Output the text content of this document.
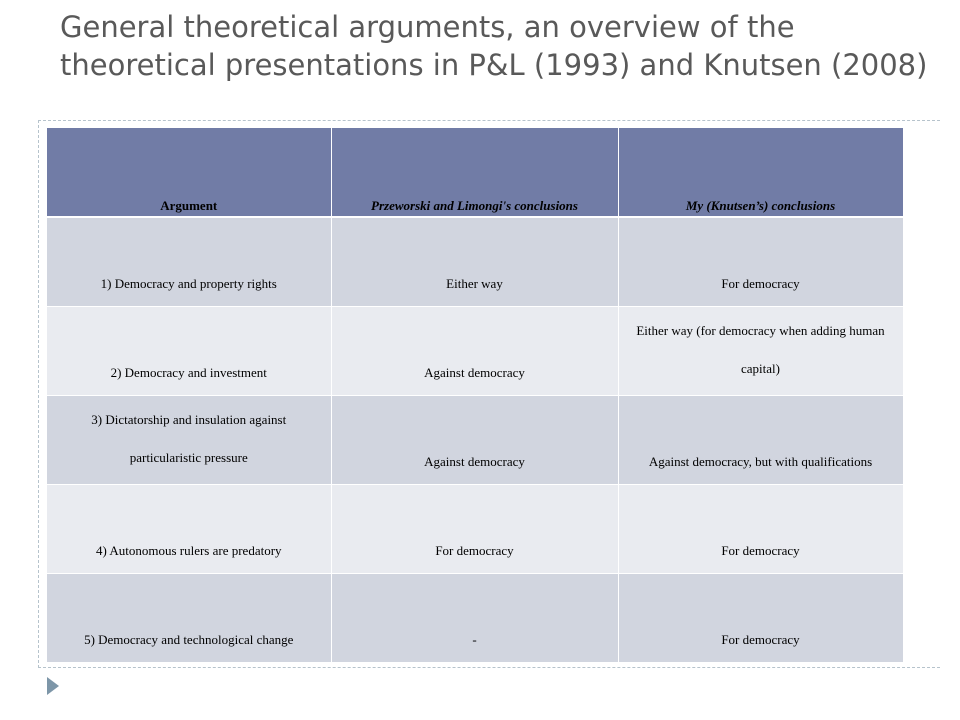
General theoretical arguments, an overview of the theoretical presentations in P&L (1993) and Knutsen (2008)
Argument	Przeworski and Limongi's conclusions	My (Knutsen’s) conclusions
1) Democracy and property rights	Either way	For democracy
2) Democracy and investment	Against democracy	Either way (for democracy when adding human capital)
3) Dictatorship and insulation against particularistic pressure	Against democracy	Against democracy, but with qualifications
4) Autonomous rulers are predatory	For democracy	For democracy
5) Democracy and technological change	-	For democracy
